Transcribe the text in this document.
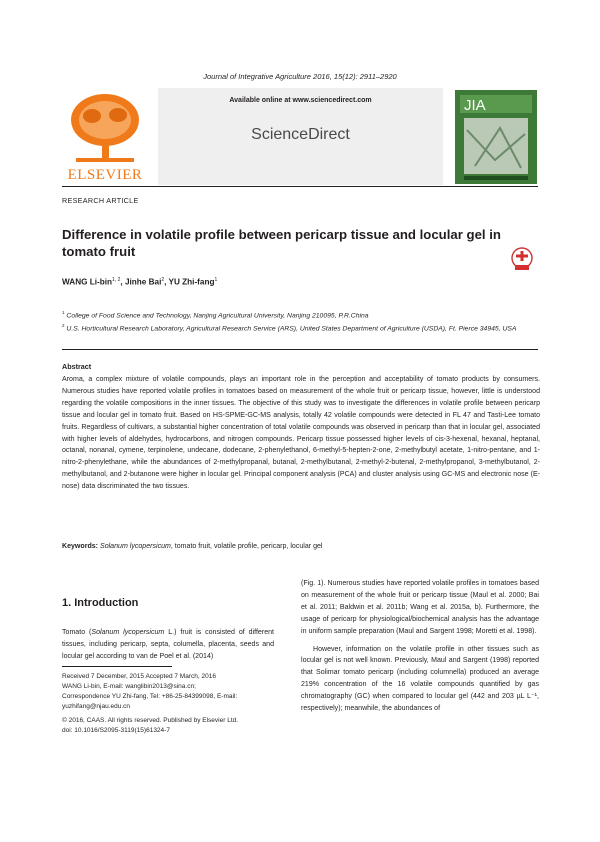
Journal of Integrative Agriculture 2016, 15(12): 2911–2920
ELSEVIER
Available online at www.sciencedirect.com
ScienceDirect
JIA
RESEARCH ARTICLE
Difference in volatile profile between pericarp tissue and locular gel in tomato fruit
WANG Li-bin$^{1, 2}$, Jinhe Bai$^2$, YU Zhi-fang$^1$
$^1$ College of Food Science and Technology, Nanjing Agricultural University, Nanjing 210095, P.R.China
$^2$ U.S. Horticultural Research Laboratory, Agricultural Research Service (ARS), United States Department of Agriculture (USDA), Ft. Pierce 34945, USA
Abstract
Aroma, a complex mixture of volatile compounds, plays an important role in the perception and acceptability of tomato products by consumers. Numerous studies have reported volatile profiles in tomatoes based on measurement of the whole fruit or pericarp tissue, however, little is understood regarding the volatile compositions in the inner tissues. The objective of this study was to investigate the differences in volatile profile between pericarp tissue and locular gel in tomato fruit. Based on HS-SPME-GC-MS analysis, totally 42 volatile compounds were detected in FL 47 and Tasti-Lee tomato fruits. Regardless of cultivars, a substantial higher concentration of total volatile compounds was observed in pericarp than that in locular gel, associated with higher levels of aldehydes, hydrocarbons, and nitrogen compounds. Pericarp tissue possessed higher levels of cis-3-hexenal, hexanal, heptanal, octanal, nonanal, cymene, terpinolene, undecane, dodecane, 2-phenylethanol, 6-methyl-5-hepten-2-one, 2-methylbutyl acetate, 1-nitro-pentane, and 1-nitro-2-phenylethane, while the abundances of 2-methylpropanal, butanal, 2-methylbutanal, 2-methyl-2-butenal, 2-methylpropanol, 3-methylbutanol, 2-methylbutanol, and 2-butanone were higher in locular gel. Principal component analysis (PCA) and cluster analysis using GC-MS and electronic nose (E-nose) data discriminated the two tissues.
Keywords: Solanum lycopersicum, tomato fruit, volatile profile, pericarp, locular gel
1. Introduction
Tomato (Solanum lycopersicum L.) fruit is consisted of different tissues, including pericarp, septa, columella, placenta, seeds and locular gel according to van de Poel et al. (2014)
Received 7 December, 2015 Accepted 7 March, 2016
WANG Li-bin, E-mail: wanglibin2013@sina.cn;
Correspondence YU Zhi-fang, Tel: +86-25-84399098, E-mail:
yuzhifang@njau.edu.cn
© 2016, CAAS. All rights reserved. Published by Elsevier Ltd.
doi: 10.1016/S2095-3119(15)61324-7

(Fig. 1). Numerous studies have reported volatile profiles in tomatoes based on measurement of the whole fruit or pericarp tissue (Maul et al. 2000; Bai et al. 2011; Baldwin et al. 2011b; Wang et al. 2015a, b). Furthermore, the usage of pericarp for physiological/biochemical analysis has the advantage in uniform sample preparation (Maul and Sargent 1998; Moretti et al. 1998).

However, information on the volatile profile in other tissues such as locular gel is not well known. Previously, Maul and Sargent (1998) reported that Solimar tomato pericarp (including columnella) produced an average 219% concentration of the 16 volatile compounds quantified by gas chromatography (GC) when compared to locular gel (442 and 203 µL L⁻¹, respectively); meanwhile, the abundances of
